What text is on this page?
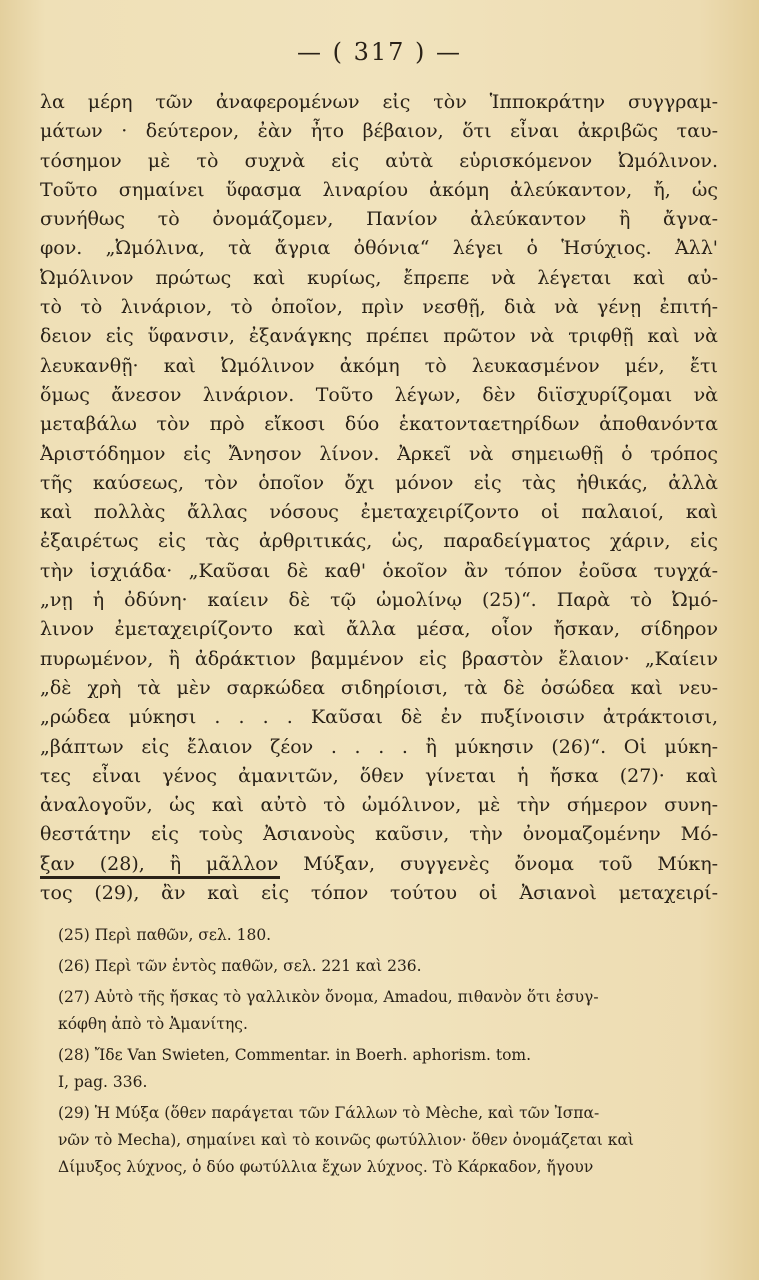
— ( 317 ) —
λα μέρη τῶν ἀναφερομένων εἰς τὸν Ἱπποκράτην συγγραμ-
μάτων · δεύτερον, ἐὰν ἦτο βέβαιον, ὅτι εἶναι ἀκριβῶς ταυ-
τόσημον μὲ τὸ συχνὰ εἰς αὐτὰ εὑρισκόμενον Ὠμόλινον.
Τοῦτο σημαίνει ὕφασμα λιναρίου ἀκόμη ἀλεύκαντον, ἤ, ὡς
συνήθως τὸ ὀνομάζομεν, Πανίον ἀλεύκαντον ἢ ἄγνα-
φον. „Ὠμόλινα, τὰ ἄγρια ὀθόνια“ λέγει ὁ Ἡσύχιος. Ἀλλ'
Ὠμόλινον πρώτως καὶ κυρίως, ἔπρεπε νὰ λέγεται καὶ αὐ-
τὸ τὸ λινάριον, τὸ ὁποῖον, πρὶν νεσθῇ, διὰ νὰ γένῃ ἐπιτή-
δειον εἰς ὕφανσιν, ἐξανάγκης πρέπει πρῶτον νὰ τριφθῇ καὶ νὰ
λευκανθῇ· καὶ Ὠμόλινον ἀκόμη τὸ λευκασμένον μέν, ἔτι
ὅμως ἄνεσον λινάριον. Τοῦτο λέγων, δὲν διϊσχυρίζομαι νὰ
μεταβάλω τὸν πρὸ εἴκοσι δύο ἑκατονταετηρίδων ἀποθανόντα
Ἀριστόδημον εἰς Ἄνησον λίνον. Ἀρκεῖ νὰ σημειωθῇ ὁ τρόπος
τῆς καύσεως, τὸν ὁποῖον ὄχι μόνον εἰς τὰς ἠθικάς, ἀλλὰ
καὶ πολλὰς ἄλλας νόσους ἐμεταχειρίζοντο οἱ παλαιοί, καὶ
ἐξαιρέτως εἰς τὰς ἀρθριτικάς, ὡς, παραδείγματος χάριν, εἰς
τὴν ἰσχιάδα· „Καῦσαι δὲ καθ' ὁκοῖον ἂν τόπον ἐοῦσα τυγχά-
„νῃ ἡ ὀδύνη· καίειν δὲ τῷ ὠμολίνῳ (25)“. Παρὰ τὸ Ὠμό-
λινον ἐμεταχειρίζοντο καὶ ἄλλα μέσα, οἷον ἤσκαν, σίδηρον
πυρωμένον, ἢ ἀδράκτιον βαμμένον εἰς βραστὸν ἔλαιον· „Καίειν
„δὲ χρὴ τὰ μὲν σαρκώδεα σιδηρίοισι, τὰ δὲ ὀσώδεα καὶ νευ-
„ρώδεα μύκησι . . . . Καῦσαι δὲ ἐν πυξίνοισιν ἀτράκτοισι,
„βάπτων εἰς ἔλαιον ζέον . . . . ἢ μύκησιν (26)“. Οἱ μύκη-
τες εἶναι γένος ἀμανιτῶν, ὅθεν γίνεται ἡ ἤσκα (27)· καὶ
ἀναλογοῦν, ὡς καὶ αὐτὸ τὸ ὠμόλινον, μὲ τὴν σήμερον συνη-
θεστάτην εἰς τοὺς Ἀσιανοὺς καῦσιν, τὴν ὀνομαζομένην Μό-
ξαν (28), ἢ μᾶλλον Μύξαν, συγγενὲς ὄνομα τοῦ Μύκη-
τος (29), ἂν καὶ εἰς τόπον τούτου οἱ Ἀσιανοὶ μεταχειρί-
(25) Περὶ παθῶν, σελ. 180.
(26) Περὶ τῶν ἐντὸς παθῶν, σελ. 221 καὶ 236.
(27) Αὐτὸ τῆς ἤσκας τὸ γαλλικὸν ὄνομα, Amadou, πιθανὸν ὅτι ἐσυγ-
κόφθη ἀπὸ τὸ Ἀμανίτης.
(28) Ἴδε Van Swieten, Commentar. in Boerh. aphorism. tom.
I, pag. 336.
(29) Ἡ Μύξα (ὅθεν παράγεται τῶν Γάλλων τὸ Mèche, καὶ τῶν Ἰσπα-
νῶν τὸ Mecha), σημαίνει καὶ τὸ κοινῶς φωτύλλιον· ὅθεν ὀνομάζεται καὶ
Δίμυξος λύχνος, ὁ δύο φωτύλλια ἔχων λύχνος. Τὸ Κάρκαδον, ἤγουν
